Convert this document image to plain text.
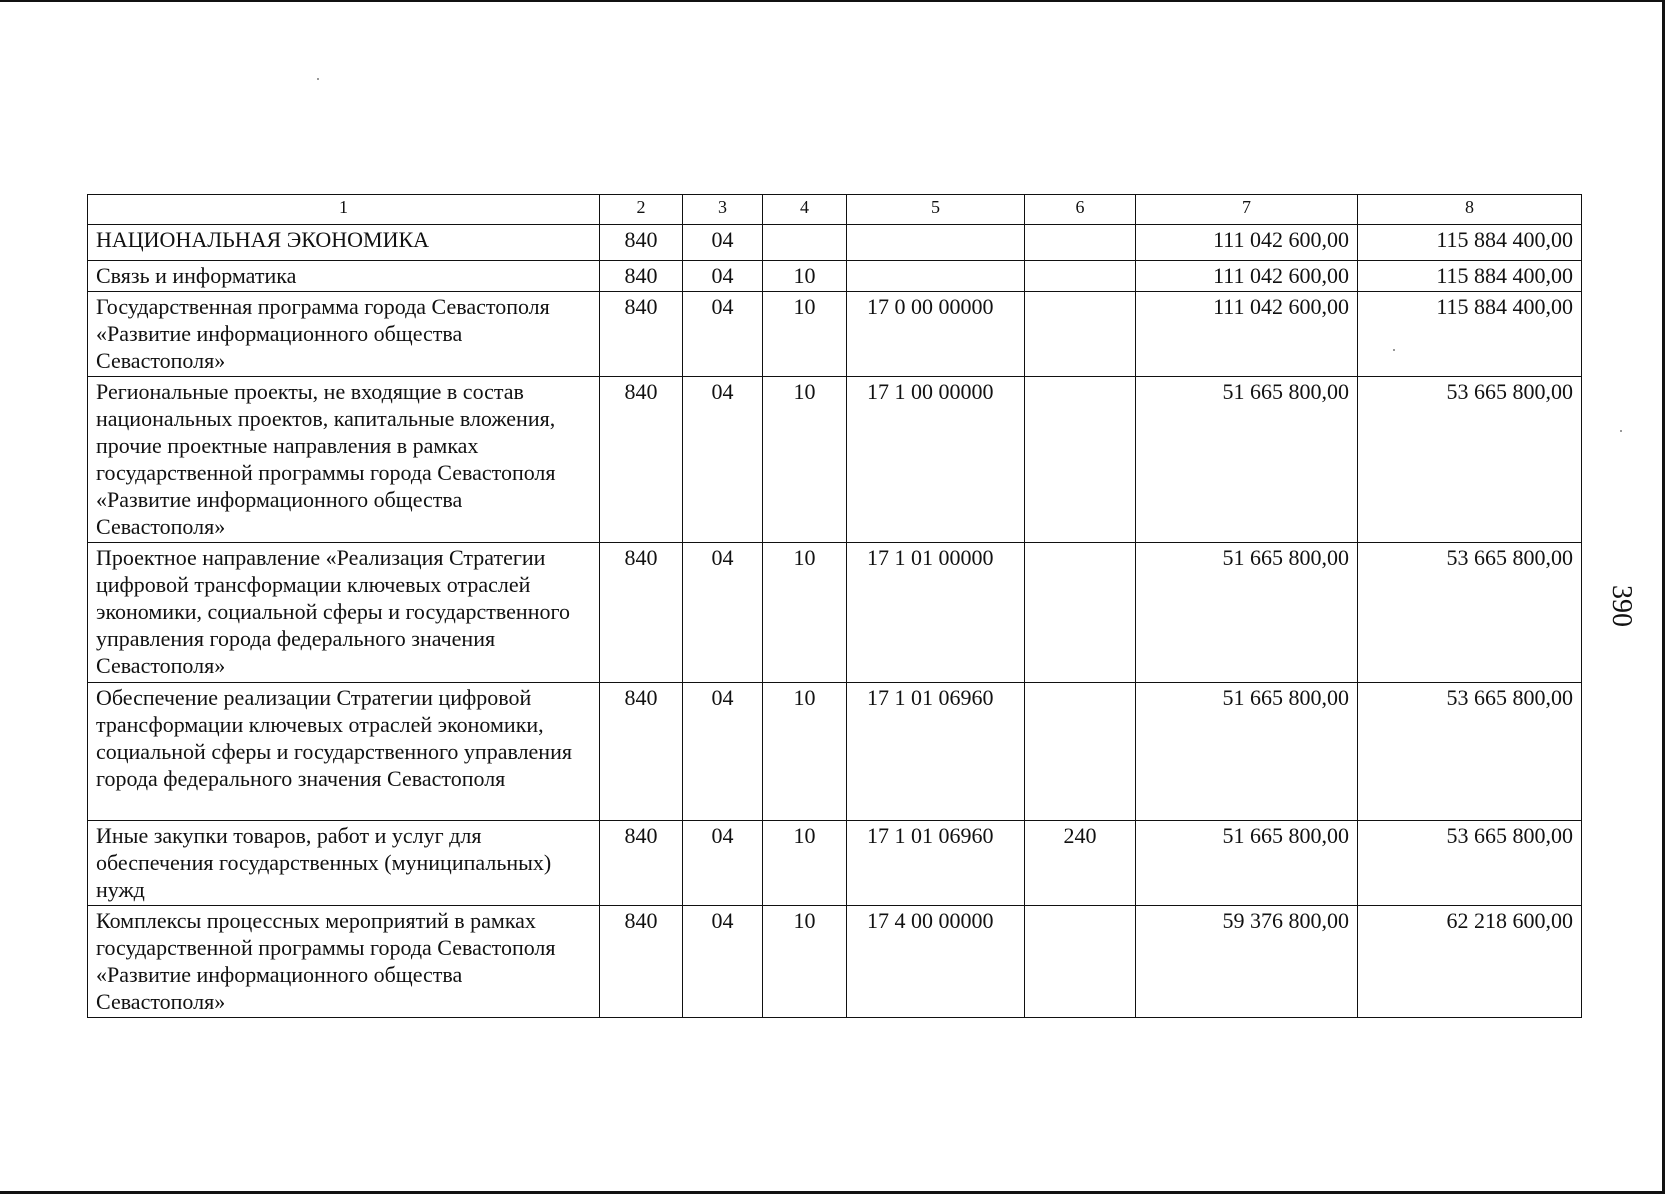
1	2	3	4	5	6	7	8
НАЦИОНАЛЬНАЯ ЭКОНОМИКА	840	04				111 042 600,00	115 884 400,00
Связь и информатика	840	04	10			111 042 600,00	115 884 400,00
Государственная программа города Севастополя «Развитие информационного общества Севастополя»	840	04	10	17 0 00 00000		111 042 600,00	115 884 400,00
Региональные проекты, не входящие в состав национальных проектов, капитальные вложения, прочие проектные направления в рамках государственной программы города Севастополя «Развитие информационного общества Севастополя»	840	04	10	17 1 00 00000		51 665 800,00	53 665 800,00
Проектное направление «Реализация Стратегии цифровой трансформации ключевых отраслей экономики, социальной сферы и государственного управления города федерального значения Севастополя»	840	04	10	17 1 01 00000		51 665 800,00	53 665 800,00
Обеспечение реализации Стратегии цифровой трансформации ключевых отраслей экономики, социальной сферы и государственного управления города федерального значения Севастополя	840	04	10	17 1 01 06960		51 665 800,00	53 665 800,00
Иные закупки товаров, работ и услуг для обеспечения государственных (муниципальных) нужд	840	04	10	17 1 01 06960	240	51 665 800,00	53 665 800,00
Комплексы процессных мероприятий в рамках государственной программы города Севастополя «Развитие информационного общества Севастополя»	840	04	10	17 4 00 00000		59 376 800,00	62 218 600,00
390
